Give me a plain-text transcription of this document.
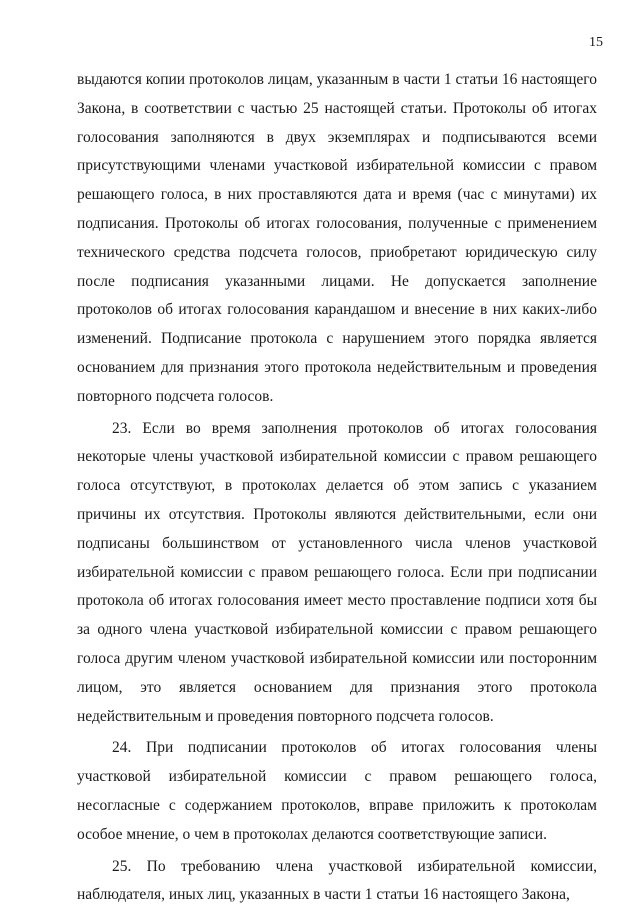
15

выдаются копии протоколов лицам, указанным в части 1 статьи 16 настоящего Закона, в соответствии с частью 25 настоящей статьи. Протоколы об итогах голосования заполняются в двух экземплярах и подписываются всеми присутствующими членами участковой избирательной комиссии с правом решающего голоса, в них проставляются дата и время (час с минутами) их подписания. Протоколы об итогах голосования, полученные с применением технического средства подсчета голосов, приобретают юридическую силу после подписания указанными лицами. Не допускается заполнение протоколов об итогах голосования карандашом и внесение в них каких-либо изменений. Подписание протокола с нарушением этого порядка является основанием для признания этого протокола недействительным и проведения повторного подсчета голосов.

23. Если во время заполнения протоколов об итогах голосования некоторые члены участковой избирательной комиссии с правом решающего голоса отсутствуют, в протоколах делается об этом запись с указанием причины их отсутствия. Протоколы являются действительными, если они подписаны большинством от установленного числа членов участковой избирательной комиссии с правом решающего голоса. Если при подписании протокола об итогах голосования имеет место проставление подписи хотя бы за одного члена участковой избирательной комиссии с правом решающего голоса другим членом участковой избирательной комиссии или посторонним лицом, это является основанием для признания этого протокола недействительным и проведения повторного подсчета голосов.

24. При подписании протоколов об итогах голосования члены участковой избирательной комиссии с правом решающего голоса, несогласные с содержанием протоколов, вправе приложить к протоколам особое мнение, о чем в протоколах делаются соответствующие записи.

25. По требованию члена участковой избирательной комиссии, наблюдателя, иных лиц, указанных в части 1 статьи 16 настоящего Закона,
